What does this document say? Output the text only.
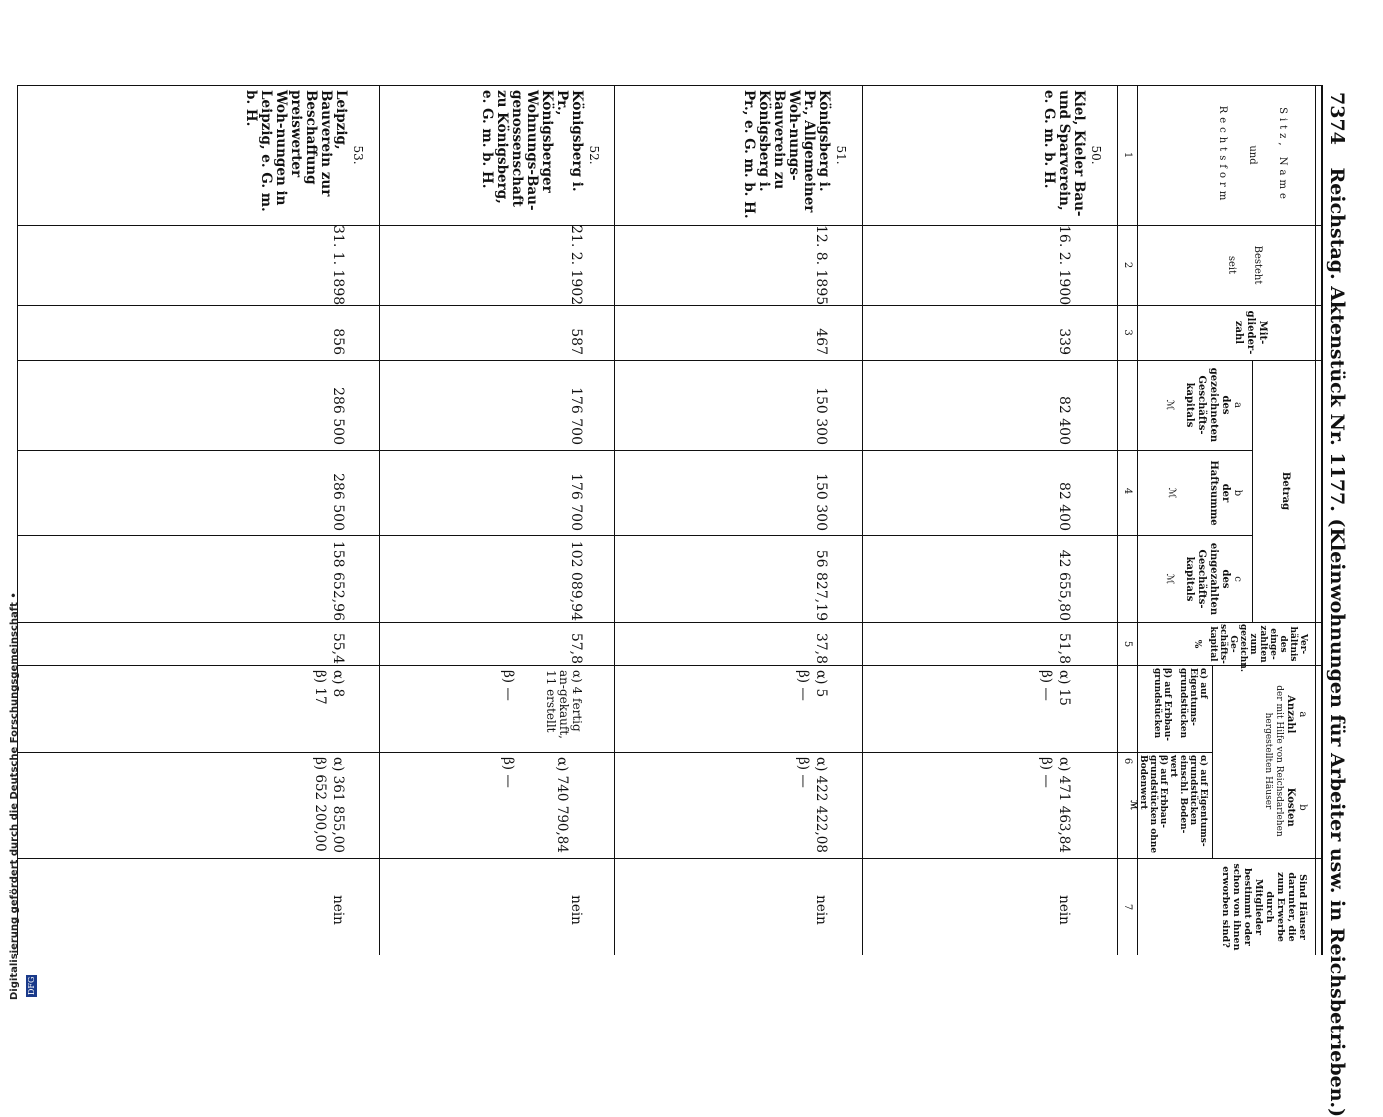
7374 Reichstag. Aktenstück Nr. 1177. (Kleinwohnungen für Arbeiter usw. in Reichsbetrieben.)
Sitz, Name
und
Rechtsform
1
Besteht
seit
2
Mit-
glieder-
zahl
3
Betrag
a
des gezeichneten Geschäfts-kapitals
ℳ
b
der Haftsumme
ℳ
c
des eingezahlten Geschäfts-kapitals
ℳ
4
Ver-hältnis des einge-zahlten zum gezeichn. Ge-schäfts-kapital
%
5
a
b
Anzahl
Kosten
der mit Hilfe von Reichsdarlehen hergestellten Häuser
α) auf Eigentums-grundstücken
β) auf Erbbau-grundstücken
α) auf Eigentums-grundstücken einschl. Boden-wert
β) auf Erbbau-grundstücken ohne Bodenwert
ℳ
6
Sind Häuser darunter, die zum Erwerbe durch Mitglieder bestimmt oder schon von ihnen erworben sind?
7
50.
Kiel, Kieler Bau- und Sparverein, e. G. m. b. H.
16. 2. 1900
339
82 400
82 400
42 655,80
51,8
α) 15
β) —
α) 471 463,84
β) —
nein
51.
Königsberg i. Pr., Allgemeiner Woh-nungs-Bauverein zu Königsberg i. Pr., e. G. m. b. H.
12. 8. 1895
467
150 300
150 300
56 827,19
37,8
α) 5
β) —
α) 422 422,08
β) —
nein
52.
Königsberg i. Pr., Königsberger Wohnungs-Bau-genossenschaft zu Königsberg, e. G. m. b. H.
21. 2. 1902
587
176 700
176 700
102 089,94
57,8
α) 4 fertig an-gekauft, 11 erstellt
β) —
α) 740 790,84
β) —
nein
53.
Leipzig, Bauverein zur Beschaffung preiswerter Woh-nungen in Leipzig, e. G. m. b. H.
31. 1. 1898
856
286 500
286 500
158 652,96
55,4
α) 8
β) 17
α) 361 855,00
β) 652 200,00
nein
Digitalisierung gefördert durch die Deutsche Forschungsgemeinschaft • DFG
